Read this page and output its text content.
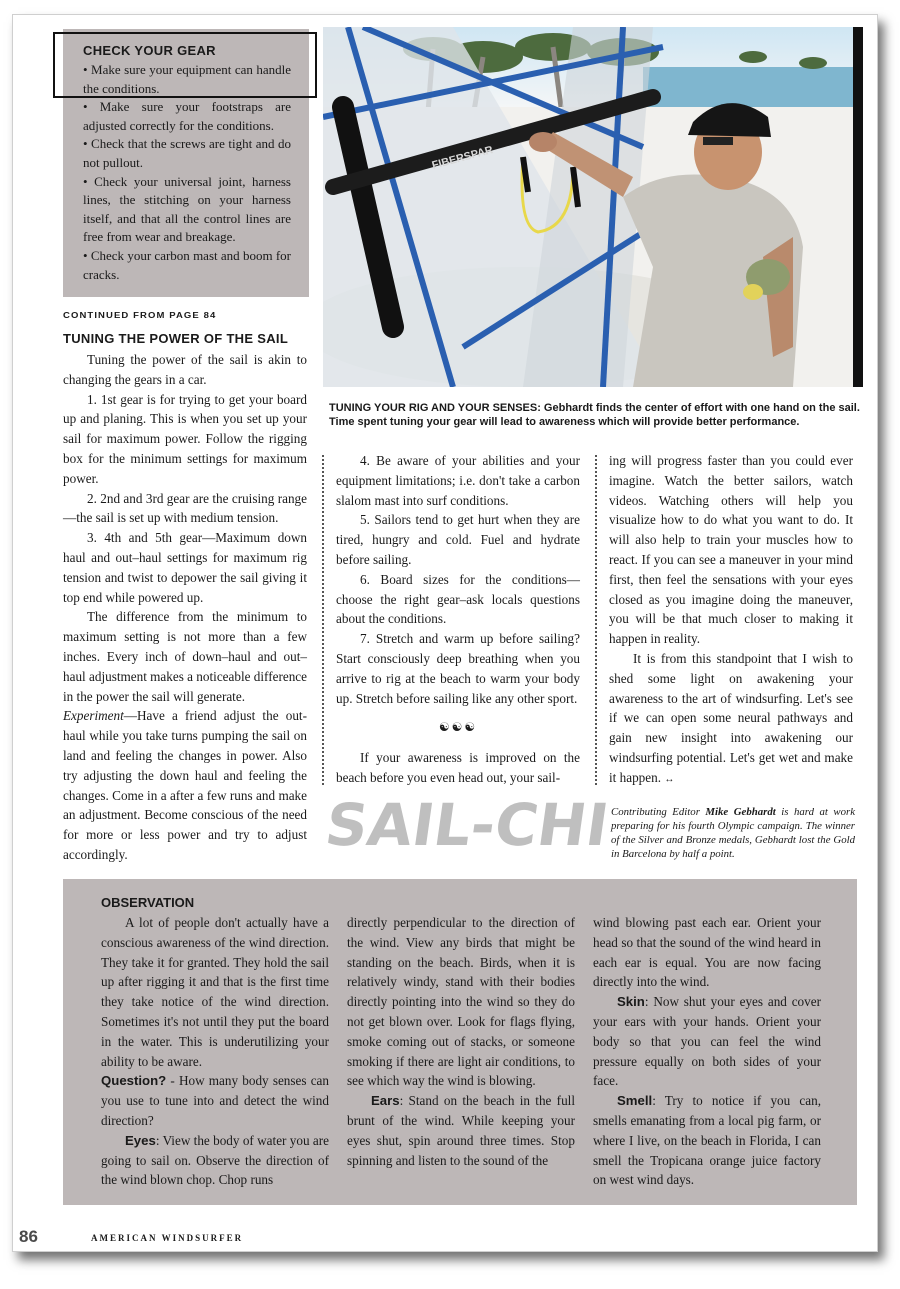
CHECK YOUR GEAR
• Make sure your equipment can handle the conditions.
• Make sure your footstraps are adjusted correctly for the conditions.
• Check that the screws are tight and do not pullout.
• Check your universal joint, harness lines, the stitching on your harness itself, and that all the control lines are free from wear and breakage.
• Check your carbon mast and boom for cracks.
FIBERSPAR
TUNING YOUR RIG AND YOUR SENSES: Gebhardt finds the center of effort with one hand on the sail. Time spent tuning your gear will lead to awareness which will provide better performance.
CONTINUED FROM PAGE 84
TUNING THE POWER OF THE SAIL

Tuning the power of the sail is akin to changing the gears in a car.

1. 1st gear is for trying to get your board up and planing. This is when you set up your sail for maximum power. Follow the rigging box for the minimum settings for maximum power.

2. 2nd and 3rd gear are the cruising range—the sail is set up with medium tension.

3. 4th and 5th gear—Maximum down haul and out–haul settings for maximum rig tension and twist to depower the sail giving it top end while powered up.

The difference from the minimum to maximum setting is not more than a few inches. Every inch of down–haul and out–haul adjustment makes a noticeable difference in the power the sail will generate.

Experiment—Have a friend adjust the out-haul while you take turns pumping the sail on land and feeling the changes in power. Also try adjusting the down haul and feeling the changes. Come in a after a few runs and make an adjustment. Become conscious of the need for more or less power and try to adjust accordingly.

4. Be aware of your abilities and your equipment limitations; i.e. don't take a carbon slalom mast into surf conditions.

5. Sailors tend to get hurt when they are tired, hungry and cold. Fuel and hydrate before sailing.

6. Board sizes for the conditions—choose the right gear–ask locals questions about the conditions.

7. Stretch and warm up before sailing? Start consciously deep breathing when you arrive to rig at the beach to warm your body up. Stretch before sailing like any other sport.

☯☯☯

If your awareness is improved on the beach before you even head out, your sail-

ing will progress faster than you could ever imagine. Watch the better sailors, watch videos. Watching others will help you visualize how to do what you want to do. It will also help to train your muscles how to react. If you can see a maneuver in your mind first, then feel the sensations with your eyes closed as you imagine doing the maneuver, you will be that much closer to making it happen in reality.

It is from this standpoint that I wish to shed some light on awakening your awareness to the art of windsurfing. Let's see if we can open some neural pathways and gain new insight into awakening our windsurfing potential. Let's get wet and make it happen. ↔

SAIL-CHI
Contributing Editor Mike Gebhardt is hard at work preparing for his fourth Olympic campaign. The winner of the Silver and Bronze medals, Gebhardt lost the Gold in Barcelona by half a point.
OBSERVATION

A lot of people don't actually have a conscious awareness of the wind direction. They take it for granted. They hold the sail up after rigging it and that is the first time they take notice of the wind direction. Sometimes it's not until they put the board in the water. This is underutilizing your ability to be aware.

Question? - How many body senses can you use to tune into and detect the wind direction?

Eyes: View the body of water you are going to sail on. Observe the direction of the wind blown chop. Chop runs

directly perpendicular to the direction of the wind. View any birds that might be standing on the beach. Birds, when it is relatively windy, stand with their bodies directly pointing into the wind so they do not get blown over. Look for flags flying, smoke coming out of stacks, or someone smoking if there are light air conditions, to see which way the wind is blowing.

Ears: Stand on the beach in the full brunt of the wind. While keeping your eyes shut, spin around three times. Stop spinning and listen to the sound of the

wind blowing past each ear. Orient your head so that the sound of the wind heard in each ear is equal. You are now facing directly into the wind.

Skin: Now shut your eyes and cover your ears with your hands. Orient your body so that you can feel the wind pressure equally on both sides of your face.

Smell: Try to notice if you can, smells emanating from a local pig farm, or where I live, on the beach in Florida, I can smell the Tropicana orange juice factory on west wind days.

86	AMERICAN WINDSURFER
